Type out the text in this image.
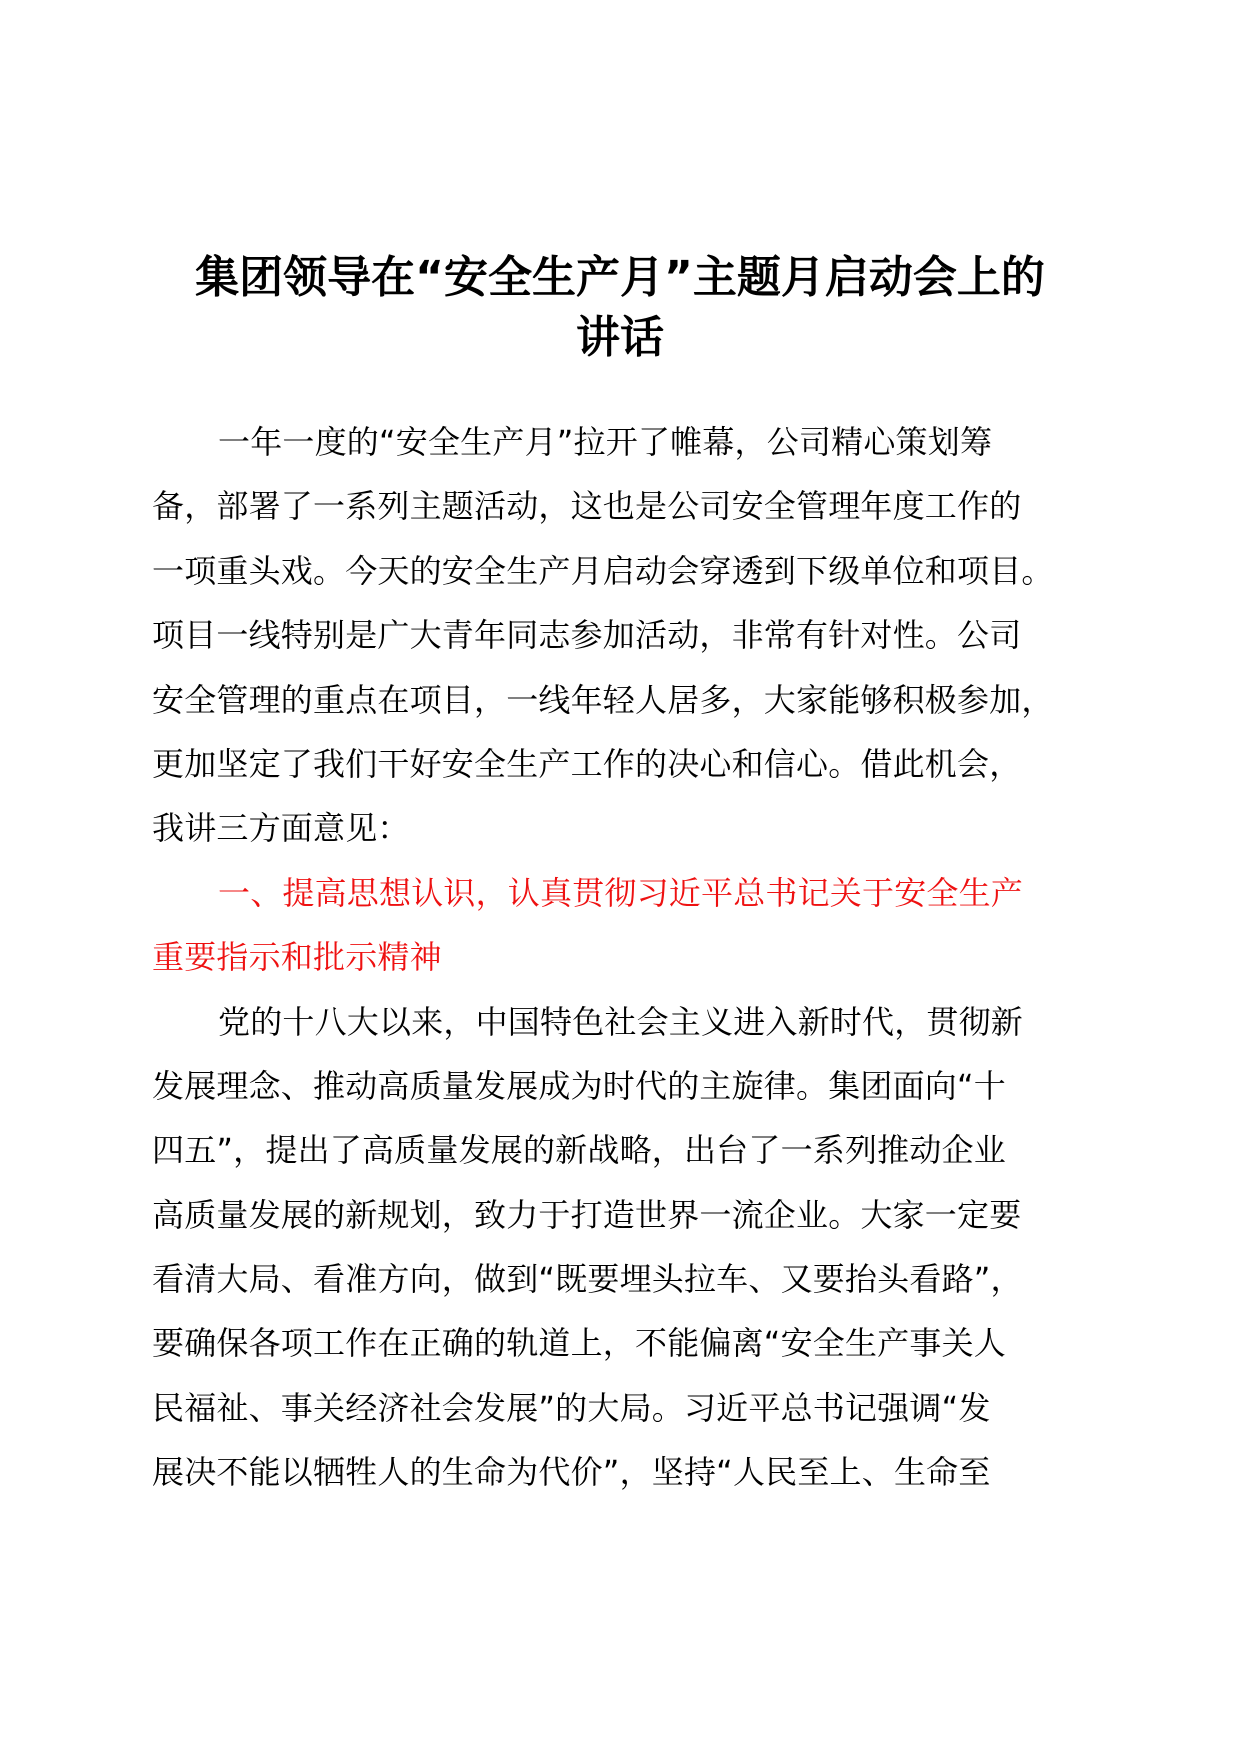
集团领导在“安全生产月”主题月启动会上的
讲话
一年一度的“安全生产月”拉开了帷幕，公司精心策划筹
备，部署了一系列主题活动，这也是公司安全管理年度工作的
一项重头戏。今天的安全生产月启动会穿透到下级单位和项目。
项目一线特别是广大青年同志参加活动，非常有针对性。公司
安全管理的重点在项目，一线年轻人居多，大家能够积极参加，
更加坚定了我们干好安全生产工作的决心和信心。借此机会，
我讲三方面意见：
一、提高思想认识，认真贯彻习近平总书记关于安全生产
重要指示和批示精神
党的十八大以来，中国特色社会主义进入新时代，贯彻新
发展理念、推动高质量发展成为时代的主旋律。集团面向“十
四五”，提出了高质量发展的新战略，出台了一系列推动企业
高质量发展的新规划，致力于打造世界一流企业。大家一定要
看清大局、看准方向，做到“既要埋头拉车、又要抬头看路”，
要确保各项工作在正确的轨道上，不能偏离“安全生产事关人
民福祉、事关经济社会发展”的大局。习近平总书记强调“发
展决不能以牺牲人的生命为代价”，坚持“人民至上、生命至
